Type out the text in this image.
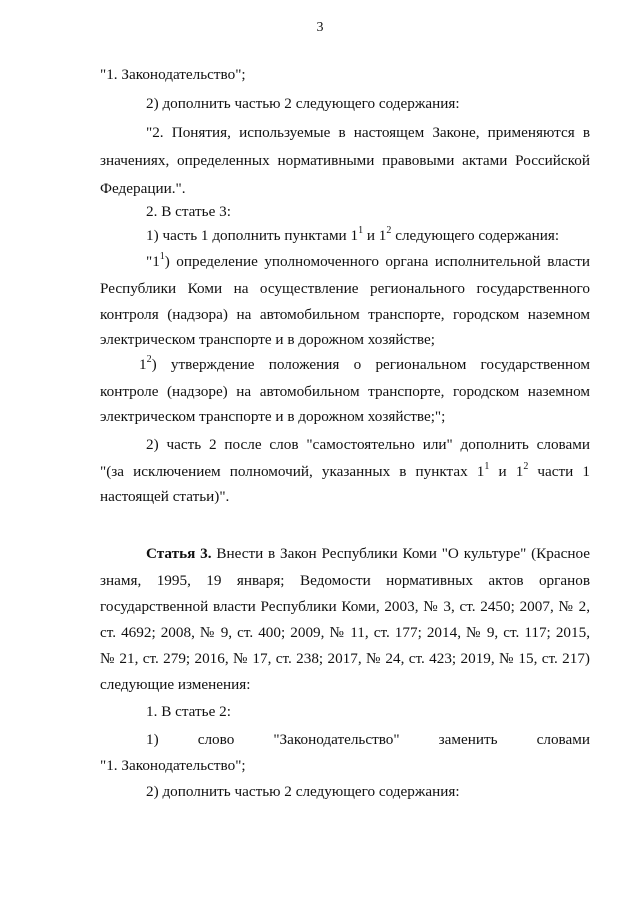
3
"1. Законодательство";
2) дополнить частью 2 следующего содержания:
"2. Понятия, используемые в настоящем Законе, применяются в
значениях, определенных нормативными правовыми актами Российской
Федерации.".
2. В статье 3:
1) часть 1 дополнить пунктами $1^1$ и $1^2$ следующего содержания:
"$1^1$) определение уполномоченного органа исполнительной власти
Республики Коми на осуществление регионального государственного
контроля (надзора) на автомобильном транспорте, городском наземном
электрическом транспорте и в дорожном хозяйстве;
$1^2$) утверждение положения о региональном государственном
контроле (надзоре) на автомобильном транспорте, городском наземном
электрическом транспорте и в дорожном хозяйстве;";
2) часть 2 после слов "самостоятельно или" дополнить словами
"(за исключением полномочий, указанных в пунктах $1^1$ и $1^2$ части 1
настоящей статьи)".
Статья 3. Внести в Закон Республики Коми "О культуре" (Красное
знамя, 1995, 19 января; Ведомости нормативных актов органов
государственной власти Республики Коми, 2003, № 3, ст. 2450; 2007, № 2,
ст. 4692; 2008, № 9, ст. 400; 2009, № 11, ст. 177; 2014, № 9, ст. 117; 2015,
№ 21, ст. 279; 2016, № 17, ст. 238; 2017, № 24, ст. 423; 2019, № 15, ст. 217)
следующие изменения:
1. В статье 2:
1) слово	"Законодательство"	заменить	словами
"1. Законодательство";
2) дополнить частью 2 следующего содержания:
